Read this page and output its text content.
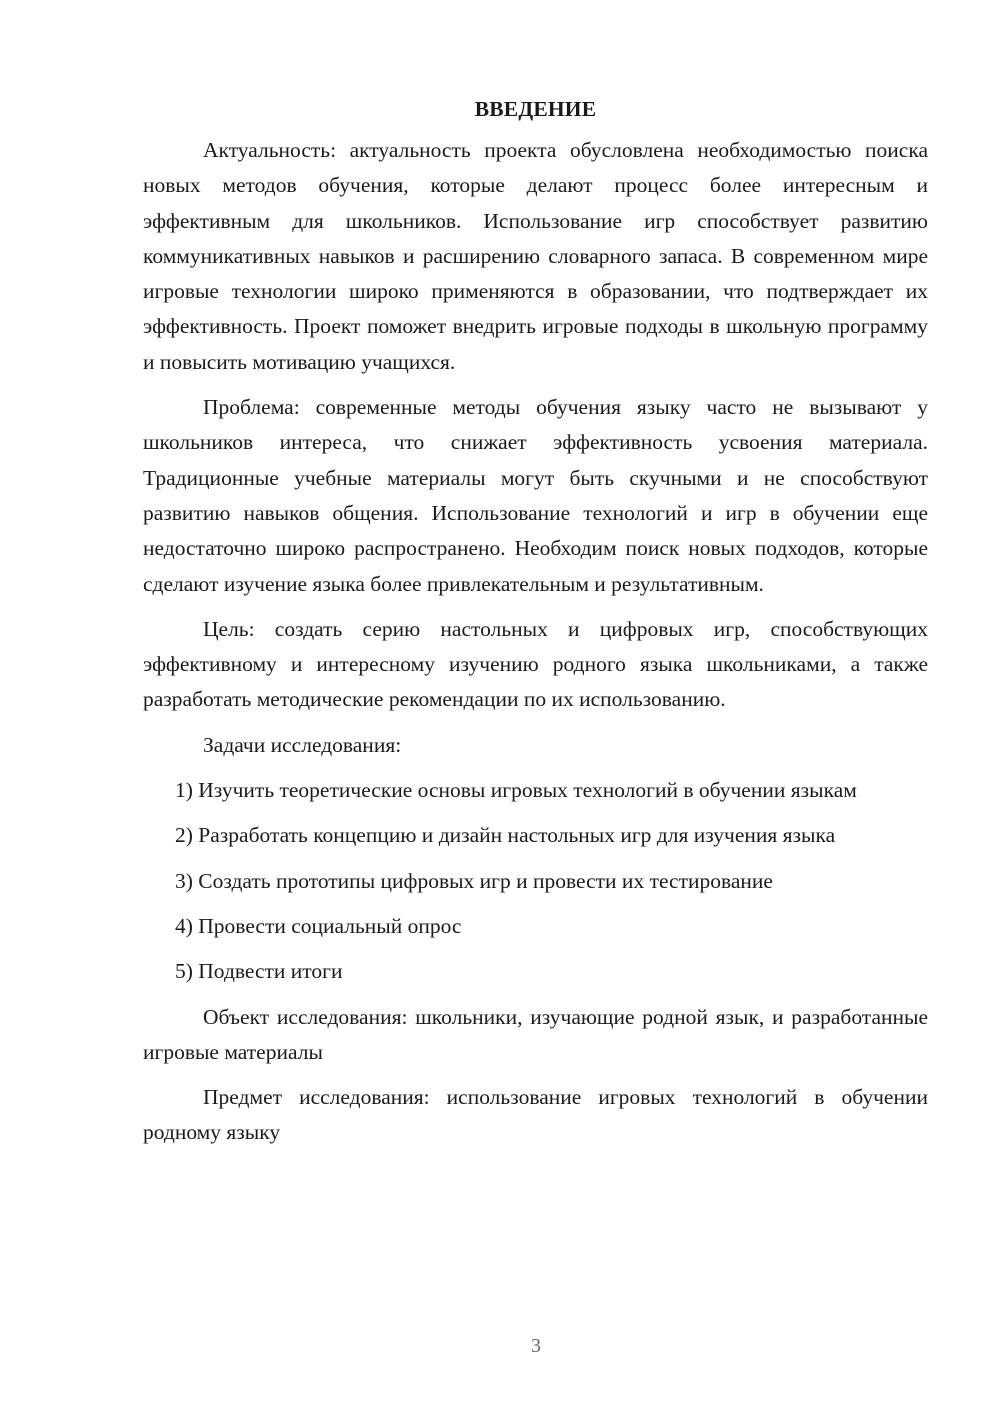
ВВЕДЕНИЕ

Актуальность: актуальность проекта обусловлена необходимостью поиска новых методов обучения, которые делают процесс более интересным и эффективным для школьников. Использование игр способствует развитию коммуникативных навыков и расширению словарного запаса. В современном мире игровые технологии широко применяются в образовании, что подтверждает их эффективность. Проект поможет внедрить игровые подходы в школьную программу и повысить мотивацию учащихся.

Проблема: современные методы обучения языку часто не вызывают у школьников интереса, что снижает эффективность усвоения материала. Традиционные учебные материалы могут быть скучными и не способствуют развитию навыков общения. Использование технологий и игр в обучении еще недостаточно широко распространено. Необходим поиск новых подходов, которые сделают изучение языка более привлекательным и результативным.

Цель: создать серию настольных и цифровых игр, способствующих эффективному и интересному изучению родного языка школьниками, а также разработать методические рекомендации по их использованию.

Задачи исследования:

1) Изучить теоретические основы игровых технологий в обучении языкам

2) Разработать концепцию и дизайн настольных игр для изучения языка

3) Создать прототипы цифровых игр и провести их тестирование

4) Провести социальный опрос

5) Подвести итоги

Объект исследования: школьники, изучающие родной язык, и разработанные игровые материалы

Предмет исследования: использование игровых технологий в обучении родному языку

3
